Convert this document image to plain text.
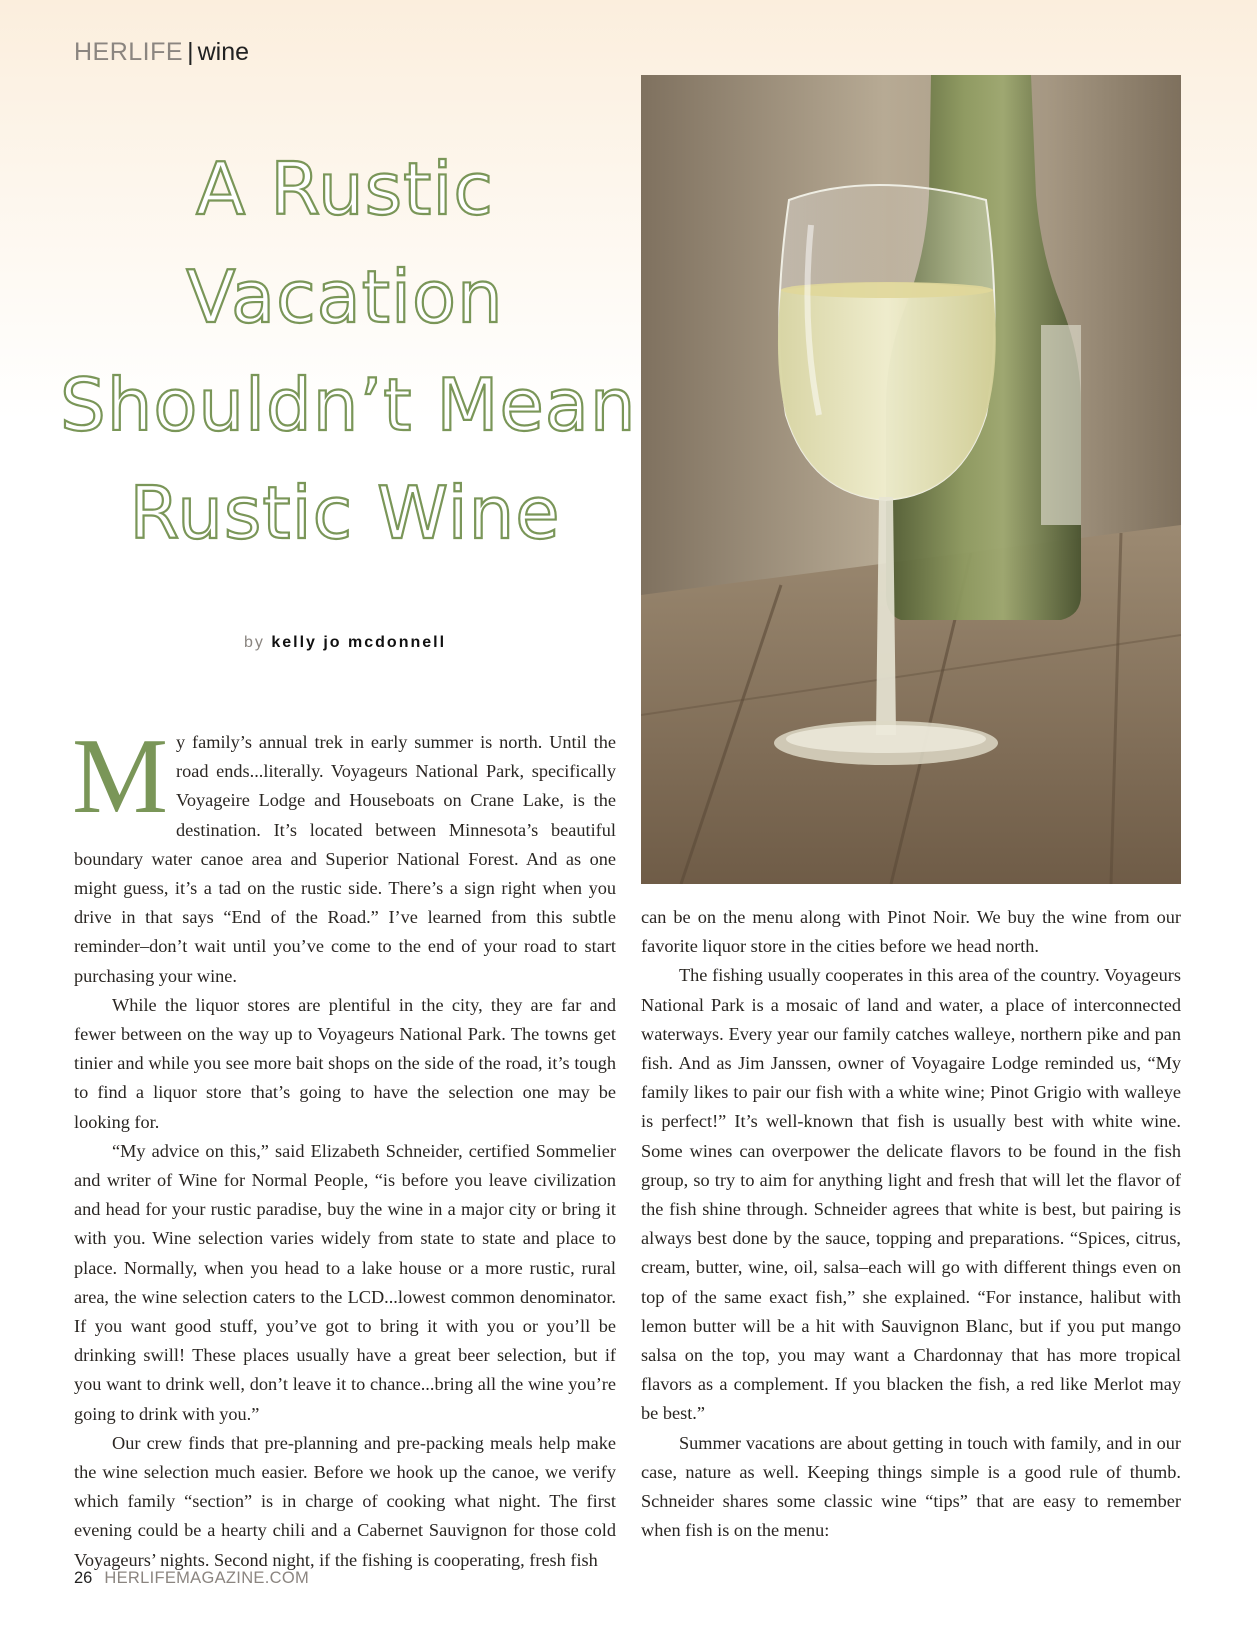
HERLIFE | wine
A Rustic
Vacation
Shouldn’t Mean
Rustic Wine
by kelly jo mcdonnell

My family’s annual trek in early summer is north. Until the road ends...literally. Voyageurs National Park, specifically Voyageire Lodge and Houseboats on Crane Lake, is the destination. It’s located between Minnesota’s beautiful boundary water canoe area and Superior National Forest. And as one might guess, it’s a tad on the rustic side. There’s a sign right when you drive in that says “End of the Road.” I’ve learned from this subtle reminder–don’t wait until you’ve come to the end of your road to start purchasing your wine.

While the liquor stores are plentiful in the city, they are far and fewer between on the way up to Voyageurs National Park. The towns get tinier and while you see more bait shops on the side of the road, it’s tough to find a liquor store that’s going to have the selection one may be looking for.

“My advice on this,” said Elizabeth Schneider, certified Sommelier and writer of Wine for Normal People, “is before you leave civilization and head for your rustic paradise, buy the wine in a major city or bring it with you. Wine selection varies widely from state to state and place to place. Normally, when you head to a lake house or a more rustic, rural area, the wine selection caters to the LCD...lowest common denominator. If you want good stuff, you’ve got to bring it with you or you’ll be drinking swill! These places usually have a great beer selection, but if you want to drink well, don’t leave it to chance...bring all the wine you’re going to drink with you.”

Our crew finds that pre-planning and pre-packing meals help make the wine selection much easier. Before we hook up the canoe, we verify which family “section” is in charge of cooking what night. The first evening could be a hearty chili and a Cabernet Sauvignon for those cold Voyageurs’ nights. Second night, if the fishing is cooperating, fresh fish

can be on the menu along with Pinot Noir. We buy the wine from our favorite liquor store in the cities before we head north.

The fishing usually cooperates in this area of the country. Voyageurs National Park is a mosaic of land and water, a place of interconnected waterways. Every year our family catches walleye, northern pike and pan fish. And as Jim Janssen, owner of Voyagaire Lodge reminded us, “My family likes to pair our fish with a white wine; Pinot Grigio with walleye is perfect!” It’s well-known that fish is usually best with white wine. Some wines can overpower the delicate flavors to be found in the fish group, so try to aim for anything light and fresh that will let the flavor of the fish shine through. Schneider agrees that white is best, but pairing is always best done by the sauce, topping and preparations. “Spices, citrus, cream, butter, wine, oil, salsa–each will go with different things even on top of the same exact fish,” she explained. “For instance, halibut with lemon butter will be a hit with Sauvignon Blanc, but if you put mango salsa on the top, you may want a Chardonnay that has more tropical flavors as a complement. If you blacken the fish, a red like Merlot may be best.”

Summer vacations are about getting in touch with family, and in our case, nature as well. Keeping things simple is a good rule of thumb. Schneider shares some classic wine “tips” that are easy to remember when fish is on the menu:

26 HERLIFEMAGAZINE.COM
